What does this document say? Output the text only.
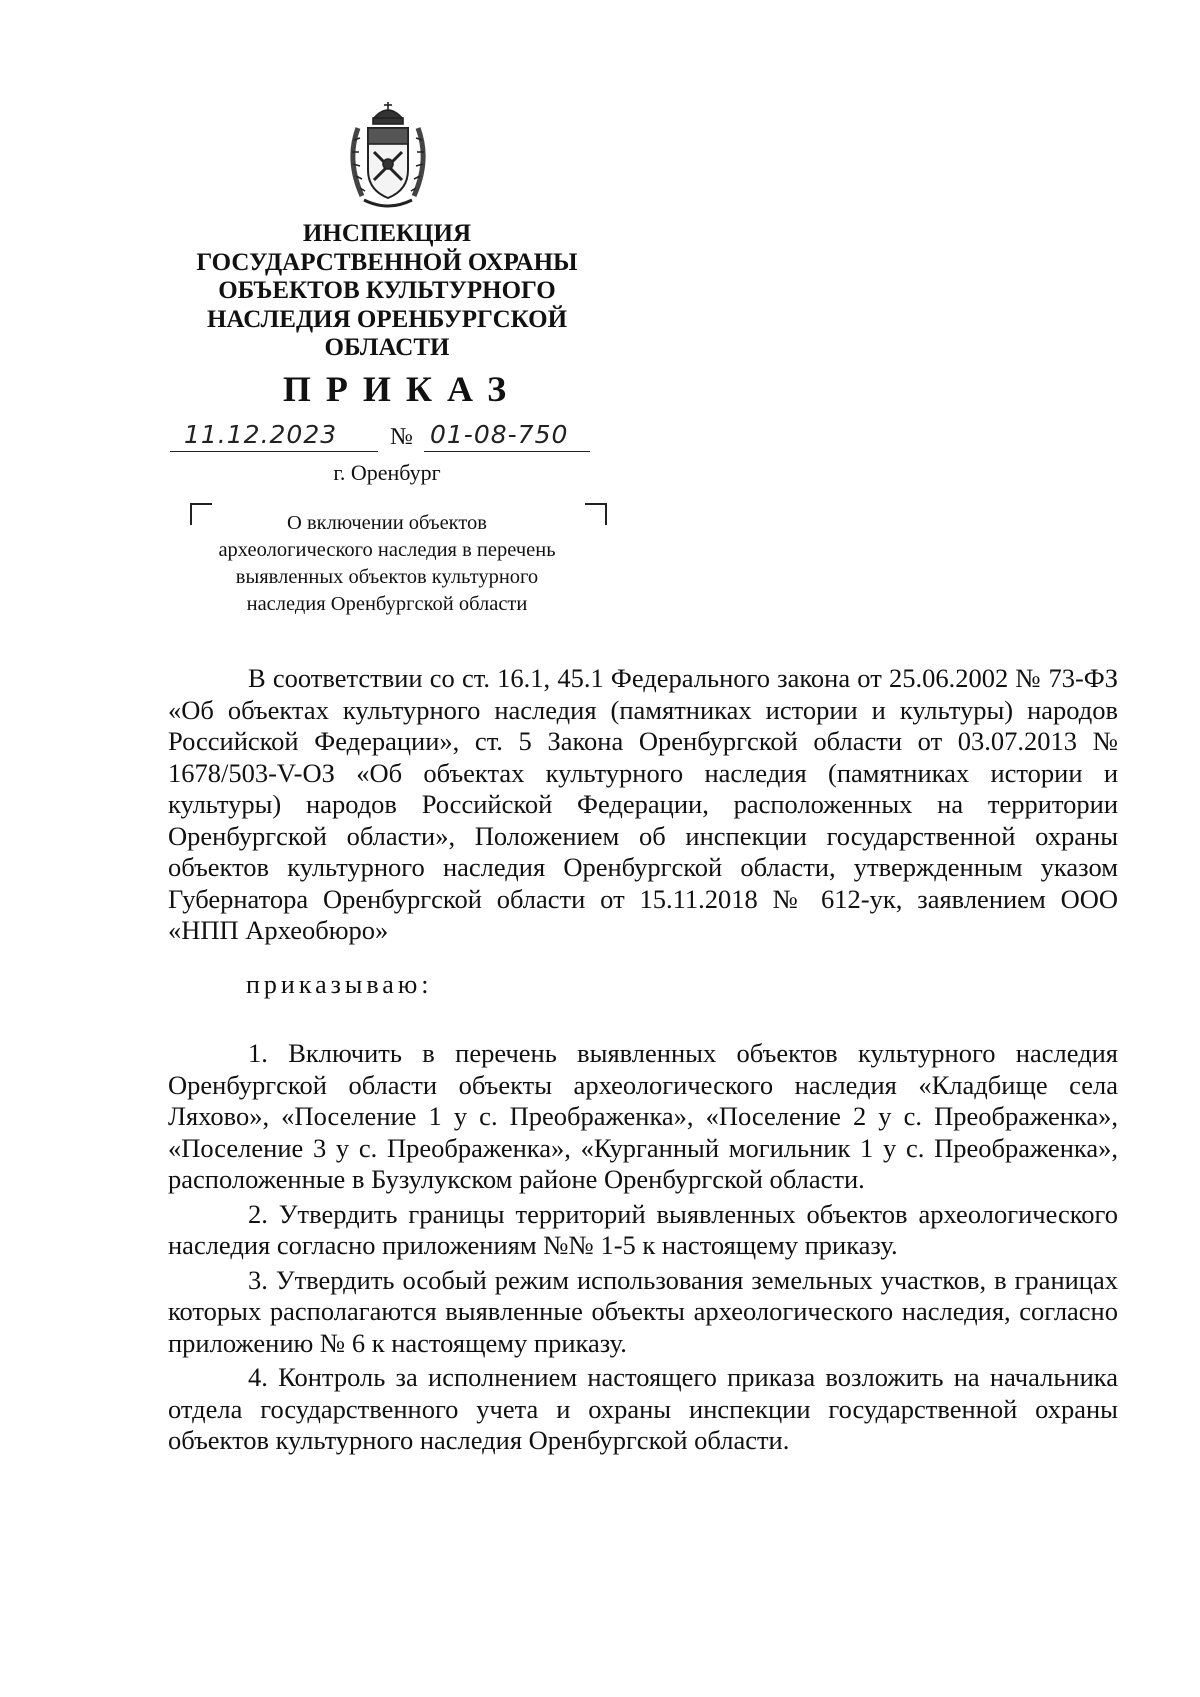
ИНСПЕКЦИЯ
ГОСУДАРСТВЕННОЙ ОХРАНЫ
ОБЪЕКТОВ КУЛЬТУРНОГО
НАСЛЕДИЯ ОРЕНБУРГСКОЙ
ОБЛАСТИ
ПРИКАЗ
11.12.2023 № 01-08-750
г. Оренбург
О включении объектов
археологического наследия в перечень
выявленных объектов культурного
наследия Оренбургской области

В соответствии со ст. 16.1, 45.1 Федерального закона от 25.06.2002 № 73-ФЗ «Об объектах культурного наследия (памятниках истории и культуры) народов Российской Федерации», ст. 5 Закона Оренбургской области от 03.07.2013 № 1678/503-V-ОЗ «Об объектах культурного наследия (памятниках истории и культуры) народов Российской Федерации, расположенных на территории Оренбургской области», Положением об инспекции государственной охраны объектов культурного наследия Оренбургской области, утвержденным указом Губернатора Оренбургской области от 15.11.2018 № 612-ук, заявлением ООО «НПП Археобюро»

приказываю:

1. Включить в перечень выявленных объектов культурного наследия Оренбургской области объекты археологического наследия «Кладбище села Ляхово», «Поселение 1 у с. Преображенка», «Поселение 2 у с. Преображенка», «Поселение 3 у с. Преображенка», «Курганный могильник 1 у с. Преображенка», расположенные в Бузулукском районе Оренбургской области.

2. Утвердить границы территорий выявленных объектов археологического наследия согласно приложениям №№ 1-5 к настоящему приказу.

3. Утвердить особый режим использования земельных участков, в границах которых располагаются выявленные объекты археологического наследия, согласно приложению № 6 к настоящему приказу.

4. Контроль за исполнением настоящего приказа возложить на начальника отдела государственного учета и охраны инспекции государственной охраны объектов культурного наследия Оренбургской области.
